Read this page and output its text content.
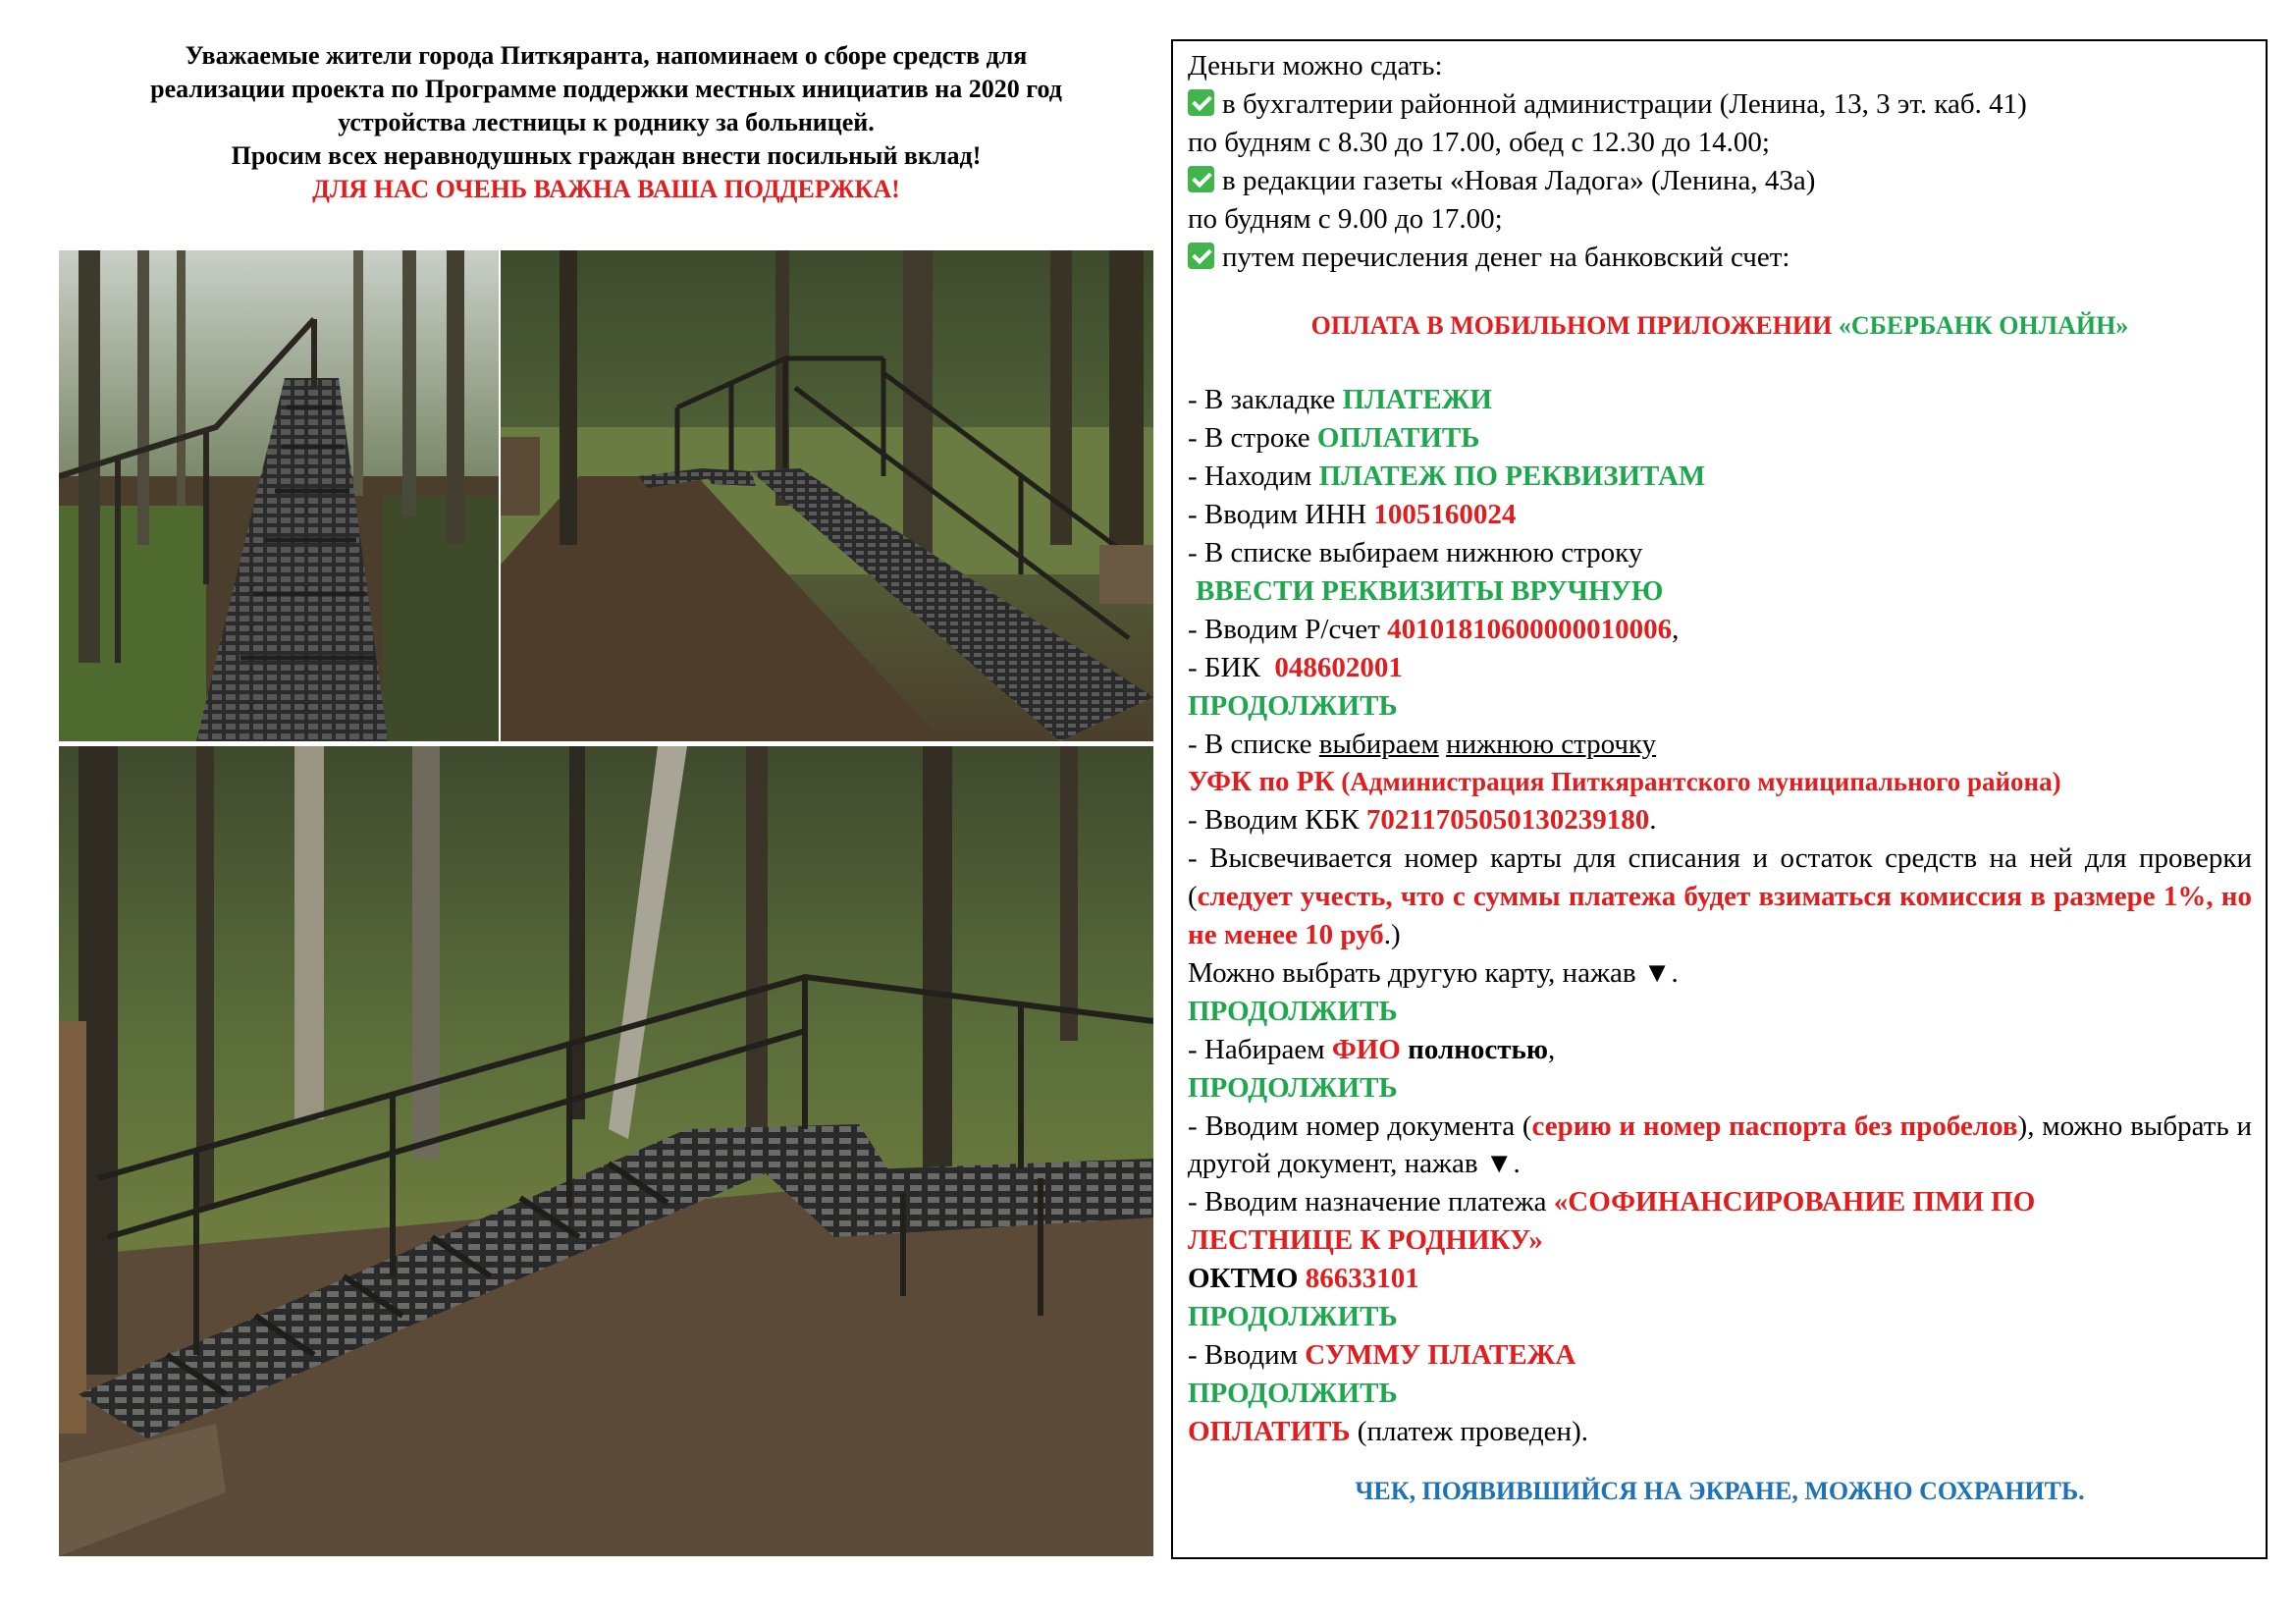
Уважаемые жители города Питкяранта, напоминаем о сборе средств для
реализации проекта по Программе поддержки местных инициатив на 2020 год
устройства лестницы к роднику за больницей.
Просим всех неравнодушных граждан внести посильный вклад!
ДЛЯ НАС ОЧЕНЬ ВАЖНА ВАША ПОДДЕРЖКА!
Деньги можно сдать:
в бухгалтерии районной администрации (Ленина, 13, 3 эт. каб. 41)
по будням с 8.30 до 17.00, обед с 12.30 до 14.00;
в редакции газеты «Новая Ладога» (Ленина, 43а)
по будням с 9.00 до 17.00;
путем перечисления денег на банковский счет:
ОПЛАТА В МОБИЛЬНОМ ПРИЛОЖЕНИИ «СБЕРБАНК ОНЛАЙН»
- В закладке ПЛАТЕЖИ
- В строке ОПЛАТИТЬ
- Находим ПЛАТЕЖ ПО РЕКВИЗИТАМ
- Вводим ИНН 1005160024
- В списке выбираем нижнюю строку
ВВЕСТИ РЕКВИЗИТЫ ВРУЧНУЮ
- Вводим Р/счет 40101810600000010006,
- БИК  048602001
ПРОДОЛЖИТЬ
- В списке выбираем нижнюю строчку
УФК по РК (Администрация Питкярантского муниципального района)
- Вводим КБК 70211705050130239180.
- Высвечивается номер карты для списания и остаток средств на ней для проверки (следует учесть, что с суммы платежа будет взиматься комиссия в размере 1%, но не менее 10 руб.)
Можно выбрать другую карту, нажав ▼.
ПРОДОЛЖИТЬ
- Набираем ФИО полностью,
ПРОДОЛЖИТЬ
- Вводим номер документа (серию и номер паспорта без пробелов), можно выбрать и другой документ, нажав ▼.
- Вводим назначение платежа «СОФИНАНСИРОВАНИЕ ПМИ ПО
ЛЕСТНИЦЕ К РОДНИКУ»
ОКТМО 86633101
ПРОДОЛЖИТЬ
- Вводим СУММУ ПЛАТЕЖА
ПРОДОЛЖИТЬ
ОПЛАТИТЬ (платеж проведен).
ЧЕК, ПОЯВИВШИЙСЯ НА ЭКРАНЕ, МОЖНО СОХРАНИТЬ.
